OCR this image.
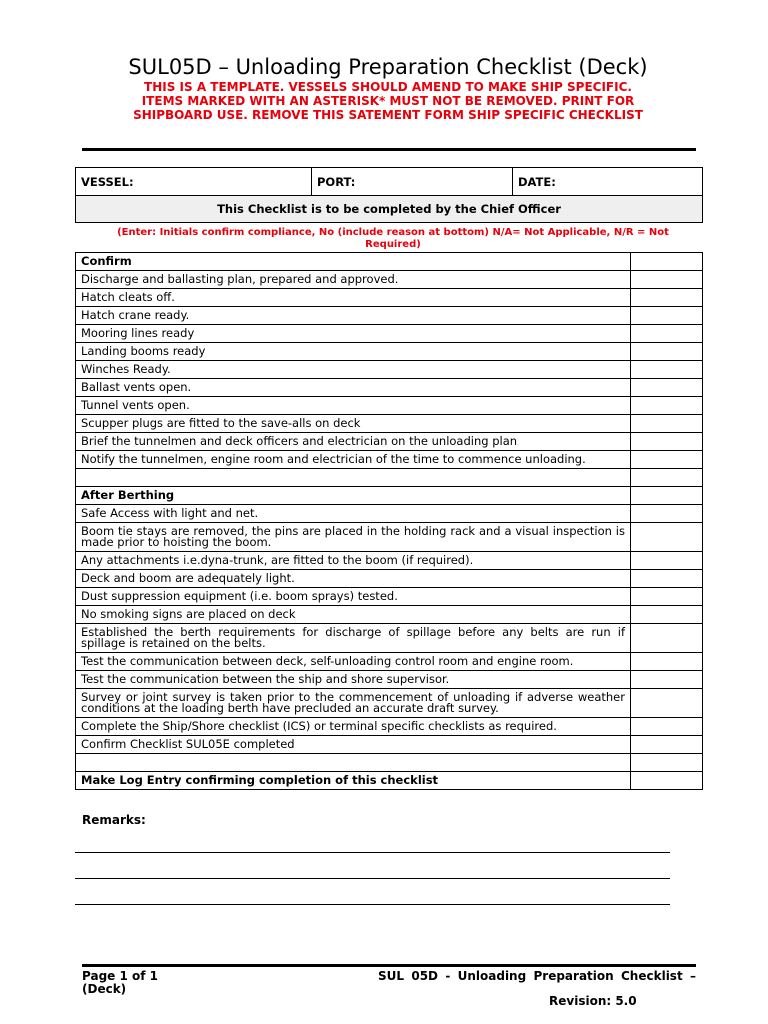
SUL05D – Unloading Preparation Checklist (Deck)
THIS IS A TEMPLATE. VESSELS SHOULD AMEND TO MAKE SHIP SPECIFIC.
ITEMS MARKED WITH AN ASTERISK* MUST NOT BE REMOVED. PRINT FOR
SHIPBOARD USE. REMOVE THIS SATEMENT FORM SHIP SPECIFIC CHECKLIST
VESSEL:	PORT:	DATE:
This Checklist is to be completed by the Chief Officer
(Enter: Initials confirm compliance, No (include reason at bottom) N/A= Not Applicable, N/R = Not Required)
Confirm	
Discharge and ballasting plan, prepared and approved.	
Hatch cleats off.	
Hatch crane ready.	
Mooring lines ready	
Landing booms ready	
Winches Ready.	
Ballast vents open.	
Tunnel vents open.	
Scupper plugs are fitted to the save-alls on deck	
Brief the tunnelmen and deck officers and electrician on the unloading plan	
Notify the tunnelmen, engine room and electrician of the time to commence unloading.	

After Berthing	
Safe Access with light and net.	
Boom tie stays are removed, the pins are placed in the holding rack and a visual inspection is made prior to hoisting the boom.	
Any attachments i.e.dyna-trunk, are fitted to the boom (if required).	
Deck and boom are adequately light.	
Dust suppression equipment (i.e. boom sprays) tested.	
No smoking signs are placed on deck	
Established the berth requirements for discharge of spillage before any belts are run if spillage is retained on the belts.	
Test the communication between deck, self-unloading control room and engine room.	
Test the communication between the ship and shore supervisor.	
Survey or joint survey is taken prior to the commencement of unloading if adverse weather conditions at the loading berth have precluded an accurate draft survey.	
Complete the Ship/Shore checklist (ICS) or terminal specific checklists as required.	
Confirm Checklist SUL05E completed	

Make Log Entry confirming completion of this checklist	
Remarks:
Page 1 of 1
(Deck)
SUL 05D - Unloading Preparation Checklist –
Revision: 5.0
